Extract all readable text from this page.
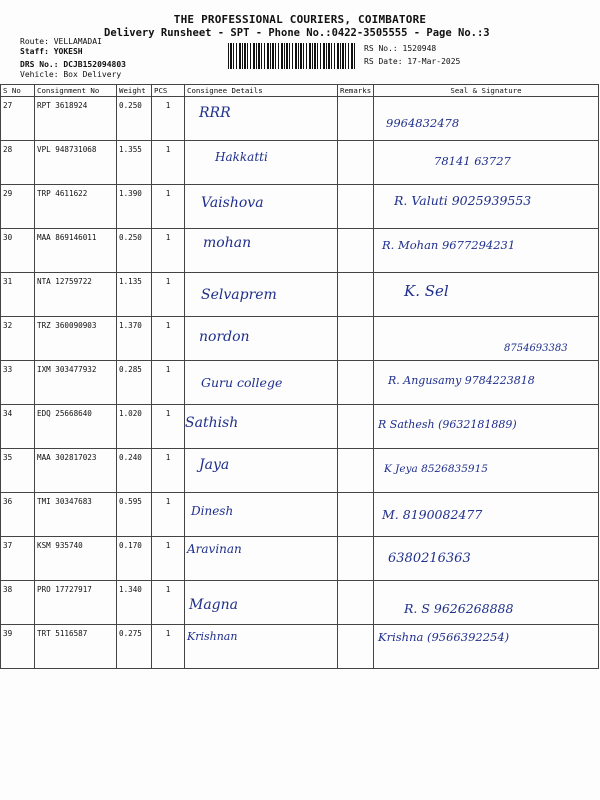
THE PROFESSIONAL COURIERS, COIMBATORE
Delivery Runsheet - SPT - Phone No.:0422-3505555 - Page No.:3
Route: VELLAMADAI
Staff: YOKESH
DRS No.: DCJB152094803
Vehicle: Box Delivery
RS No.: 1520948
RS Date: 17-Mar-2025
S No	Consignment No	Weight	PCS	Consignee Details	Remarks	Seal & Signature
27	RPT 3618924	0.250	1	RRR		9964832478

28	VPL 948731068	1.355	1	Hakkatti		78141 63727

29	TRP 4611622	1.390	1	Vaishova		R. Valuti 9025939553

30	MAA 869146011	0.250	1	mohan		R. Mohan 9677294231

31	NTA 12759722	1.135	1	Selvaprem		K. Sel

32	TRZ 360090903	1.370	1	nordon		8754693383

33	IXM 303477932	0.285	1	Guru college		R. Angusamy 9784223818

34	EDQ 25668640	1.020	1	Sathish		R Sathesh (9632181889)

35	MAA 302817023	0.240	1	Jaya		K Jeya 8526835915

36	TMI 30347683	0.595	1	Dinesh		M. 8190082477

37	KSM 935740	0.170	1	Aravinan		6380216363

38	PRO 17727917	1.340	1	Magna		R. S 9626268888

39	TRT 5116587	0.275	1	Krishnan		Krishna (9566392254)
